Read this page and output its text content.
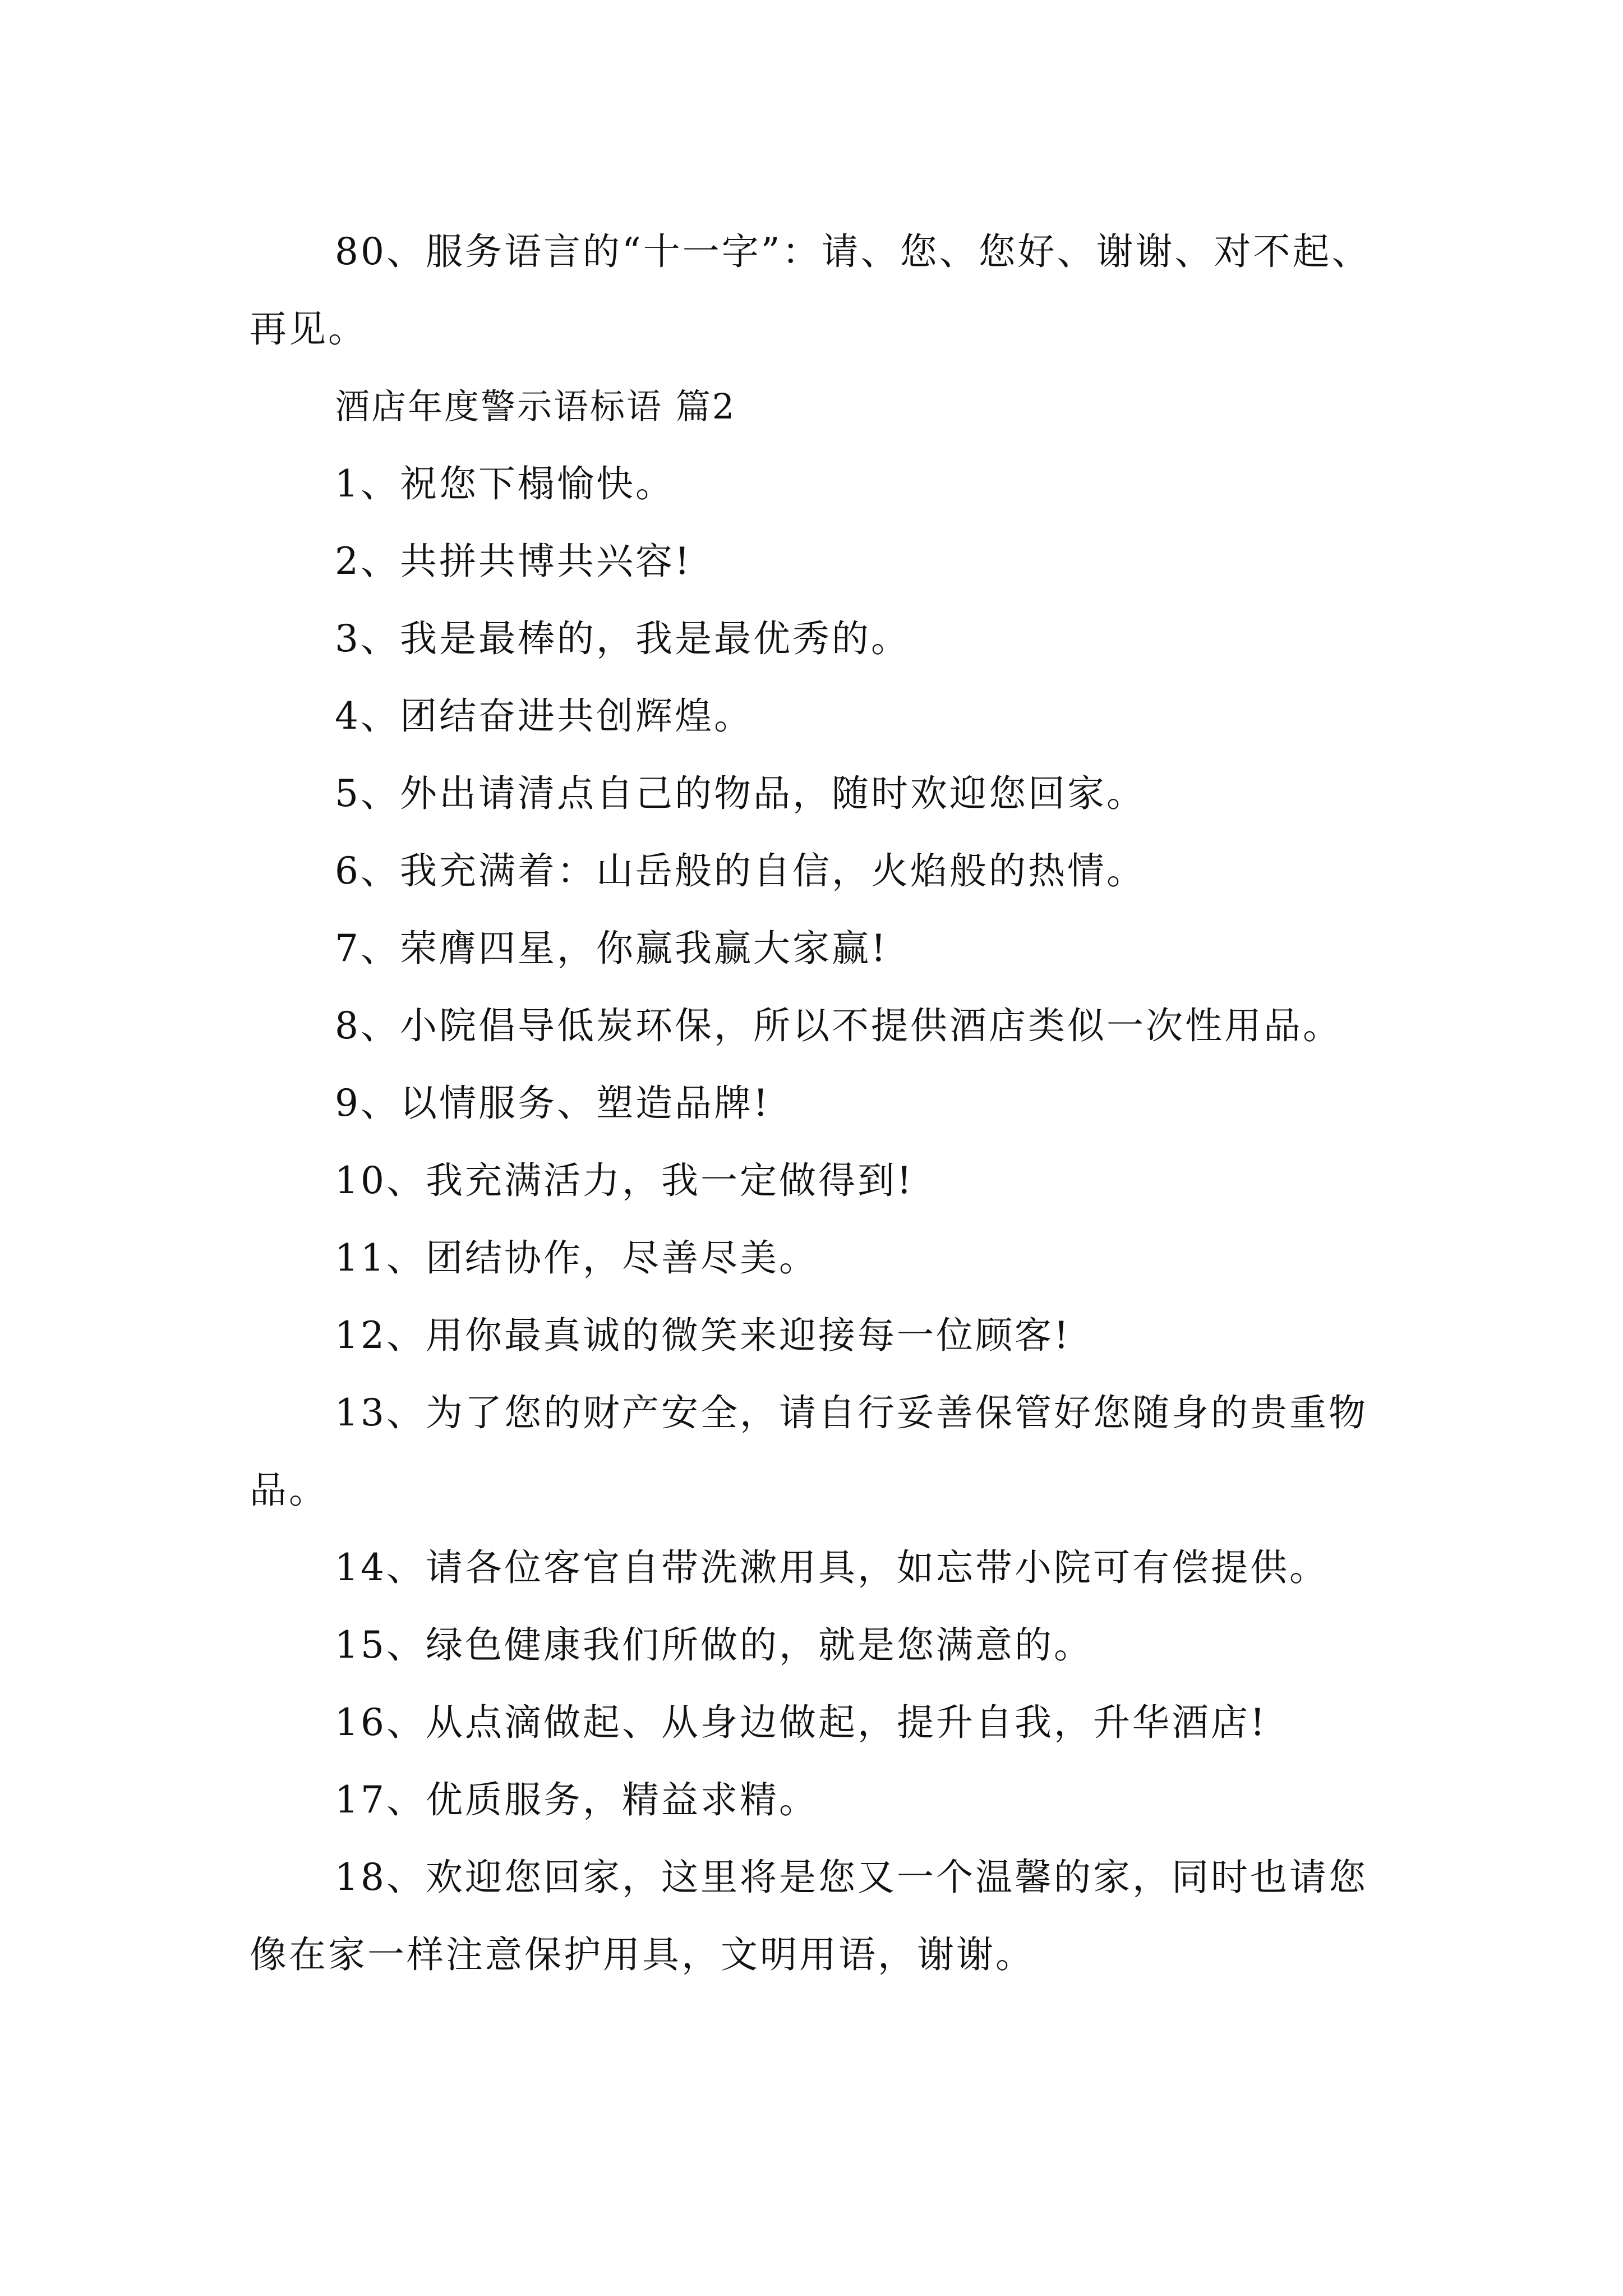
80、服务语言的“十一字”：请、您、您好、谢谢、对不起、再见。

酒店年度警示语标语 篇2

1、祝您下榻愉快。

2、共拼共博共兴容!

3、我是最棒的，我是最优秀的。

4、团结奋进共创辉煌。

5、外出请清点自己的物品，随时欢迎您回家。

6、我充满着：山岳般的自信，火焰般的热情。

7、荣膺四星，你赢我赢大家赢!

8、小院倡导低炭环保，所以不提供酒店类似一次性用品。

9、以情服务、塑造品牌!

10、我充满活力，我一定做得到!

11、团结协作，尽善尽美。

12、用你最真诚的微笑来迎接每一位顾客!

13、为了您的财产安全，请自行妥善保管好您随身的贵重物品。

14、请各位客官自带洗漱用具，如忘带小院可有偿提供。

15、绿色健康我们所做的，就是您满意的。

16、从点滴做起、从身边做起，提升自我，升华酒店!

17、优质服务，精益求精。

18、欢迎您回家，这里将是您又一个温馨的家，同时也请您像在家一样注意保护用具，文明用语，谢谢。
